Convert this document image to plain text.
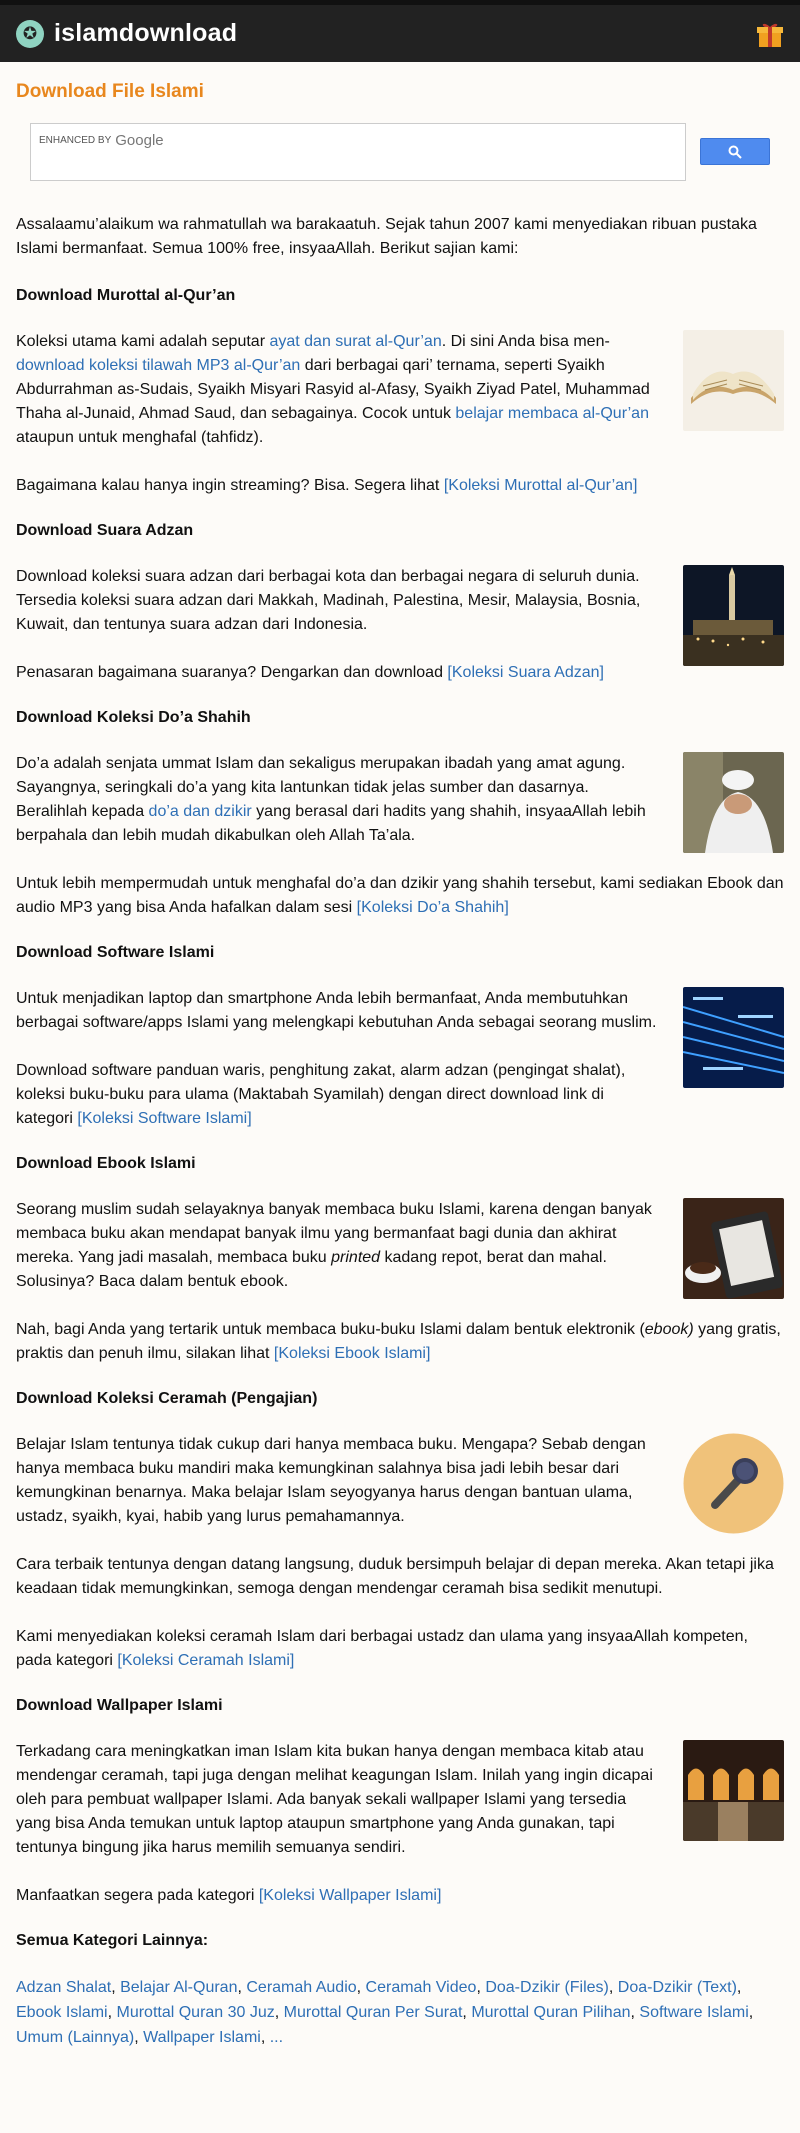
✪ islamdownload
Download File Islami
ENHANCED BY Google
Assalaamu’alaikum wa rahmatullah wa barakaatuh. Sejak tahun 2007 kami menyediakan ribuan pustaka Islami bermanfaat. Semua 100% free, insyaaAllah. Berikut sajian kami:
Download Murottal al-Qur’an

Koleksi utama kami adalah seputar ayat dan surat al-Qur’an. Di sini Anda bisa men-download koleksi tilawah MP3 al-Qur’an dari berbagai qari’ ternama, seperti Syaikh Abdurrahman as-Sudais, Syaikh Misyari Rasyid al-Afasy, Syaikh Ziyad Patel, Muhammad Thaha al-Junaid, Ahmad Saud, dan sebagainya. Cocok untuk belajar membaca al-Qur’an ataupun untuk menghafal (tahfidz).

Bagaimana kalau hanya ingin streaming? Bisa. Segera lihat [Koleksi Murottal al-Qur’an]

Download Suara Adzan

Download koleksi suara adzan dari berbagai kota dan berbagai negara di seluruh dunia. Tersedia koleksi suara adzan dari Makkah, Madinah, Palestina, Mesir, Malaysia, Bosnia, Kuwait, dan tentunya suara adzan dari Indonesia.

Penasaran bagaimana suaranya? Dengarkan dan download [Koleksi Suara Adzan]

Download Koleksi Do’a Shahih

Do’a adalah senjata ummat Islam dan sekaligus merupakan ibadah yang amat agung. Sayangnya, seringkali do’a yang kita lantunkan tidak jelas sumber dan dasarnya. Beralihlah kepada do’a dan dzikir yang berasal dari hadits yang shahih, insyaaAllah lebih berpahala dan lebih mudah dikabulkan oleh Allah Ta’ala.

Untuk lebih mempermudah untuk menghafal do’a dan dzikir yang shahih tersebut, kami sediakan Ebook dan audio MP3 yang bisa Anda hafalkan dalam sesi [Koleksi Do’a Shahih]

Download Software Islami

Untuk menjadikan laptop dan smartphone Anda lebih bermanfaat, Anda membutuhkan berbagai software/apps Islami yang melengkapi kebutuhan Anda sebagai seorang muslim.

Download software panduan waris, penghitung zakat, alarm adzan (pengingat shalat), koleksi buku-buku para ulama (Maktabah Syamilah) dengan direct download link di kategori [Koleksi Software Islami]

Download Ebook Islami

Seorang muslim sudah selayaknya banyak membaca buku Islami, karena dengan banyak membaca buku akan mendapat banyak ilmu yang bermanfaat bagi dunia dan akhirat mereka. Yang jadi masalah, membaca buku printed kadang repot, berat dan mahal. Solusinya? Baca dalam bentuk ebook.

Nah, bagi Anda yang tertarik untuk membaca buku-buku Islami dalam bentuk elektronik (ebook) yang gratis, praktis dan penuh ilmu, silakan lihat [Koleksi Ebook Islami]

Download Koleksi Ceramah (Pengajian)

Belajar Islam tentunya tidak cukup dari hanya membaca buku. Mengapa? Sebab dengan hanya membaca buku mandiri maka kemungkinan salahnya bisa jadi lebih besar dari kemungkinan benarnya. Maka belajar Islam seyogyanya harus dengan bantuan ulama, ustadz, syaikh, kyai, habib yang lurus pemahamannya.

Cara terbaik tentunya dengan datang langsung, duduk bersimpuh belajar di depan mereka. Akan tetapi jika keadaan tidak memungkinkan, semoga dengan mendengar ceramah bisa sedikit menutupi.

Kami menyediakan koleksi ceramah Islam dari berbagai ustadz dan ulama yang insyaaAllah kompeten, pada kategori [Koleksi Ceramah Islami]

Download Wallpaper Islami

Terkadang cara meningkatkan iman Islam kita bukan hanya dengan membaca kitab atau mendengar ceramah, tapi juga dengan melihat keagungan Islam. Inilah yang ingin dicapai oleh para pembuat wallpaper Islami. Ada banyak sekali wallpaper Islami yang tersedia yang bisa Anda temukan untuk laptop ataupun smartphone yang Anda gunakan, tapi tentunya bingung jika harus memilih semuanya sendiri.

Manfaatkan segera pada kategori [Koleksi Wallpaper Islami]

Semua Kategori Lainnya:
Adzan Shalat, Belajar Al-Quran, Ceramah Audio, Ceramah Video, Doa-Dzikir (Files), Doa-Dzikir (Text), Ebook Islami, Murottal Quran 30 Juz, Murottal Quran Per Surat, Murottal Quran Pilihan, Software Islami, Umum (Lainnya), Wallpaper Islami, ...
